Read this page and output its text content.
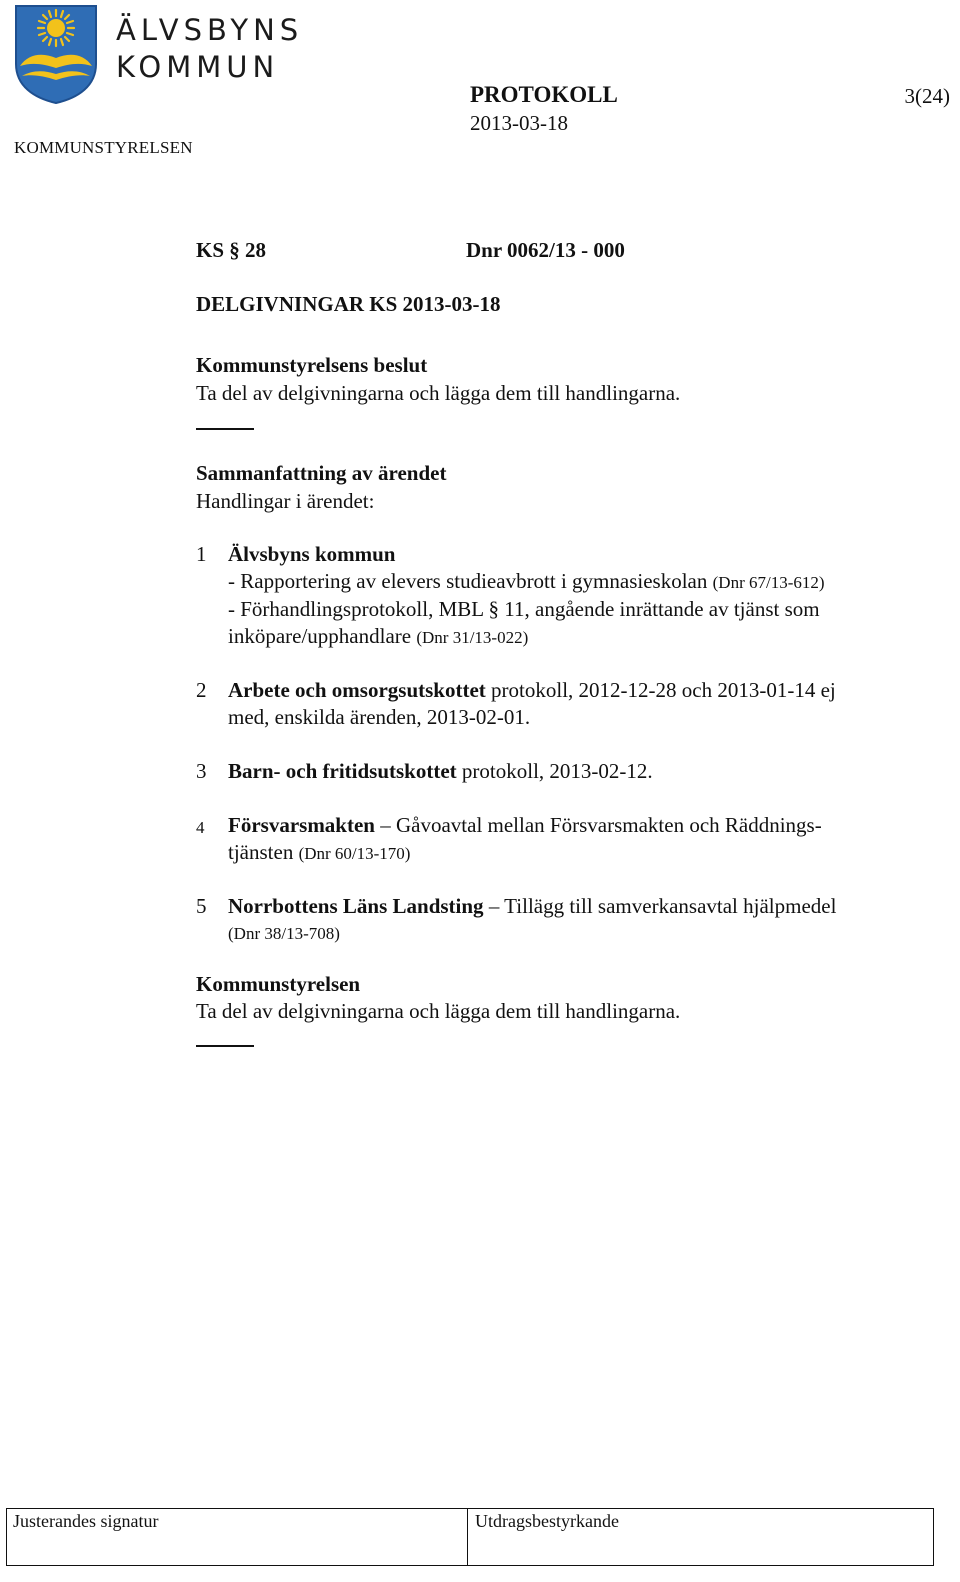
ÄLVSBYNS
KOMMUN
KOMMUNSTYRELSEN
PROTOKOLL
2013-03-18
3(24)
KS § 28	Dnr 0062/13 - 000
DELGIVNINGAR KS 2013-03-18
Kommunstyrelsens beslut
Ta del av delgivningarna och lägga dem till handlingarna.
Sammanfattning av ärendet
Handlingar i ärendet:
1	Älvsbyns kommun
- Rapportering av elevers studieavbrott i gymnasieskolan (Dnr 67/13-612)
- Förhandlingsprotokoll, MBL § 11, angående inrättande av tjänst som
inköpare/upphandlare (Dnr 31/13-022)
2	Arbete och omsorgsutskottet protokoll, 2012-12-28 och 2013-01-14 ej
med, enskilda ärenden, 2013-02-01.
3	Barn- och fritidsutskottet protokoll, 2013-02-12.
4	Försvarsmakten – Gåvoavtal mellan Försvarsmakten och Räddnings-
tjänsten (Dnr 60/13-170)
5	Norrbottens Läns Landsting – Tillägg till samverkansavtal hjälpmedel
(Dnr 38/13-708)
Kommunstyrelsen
Ta del av delgivningarna och lägga dem till handlingarna.
Justerandes signatur	Utdragsbestyrkande
